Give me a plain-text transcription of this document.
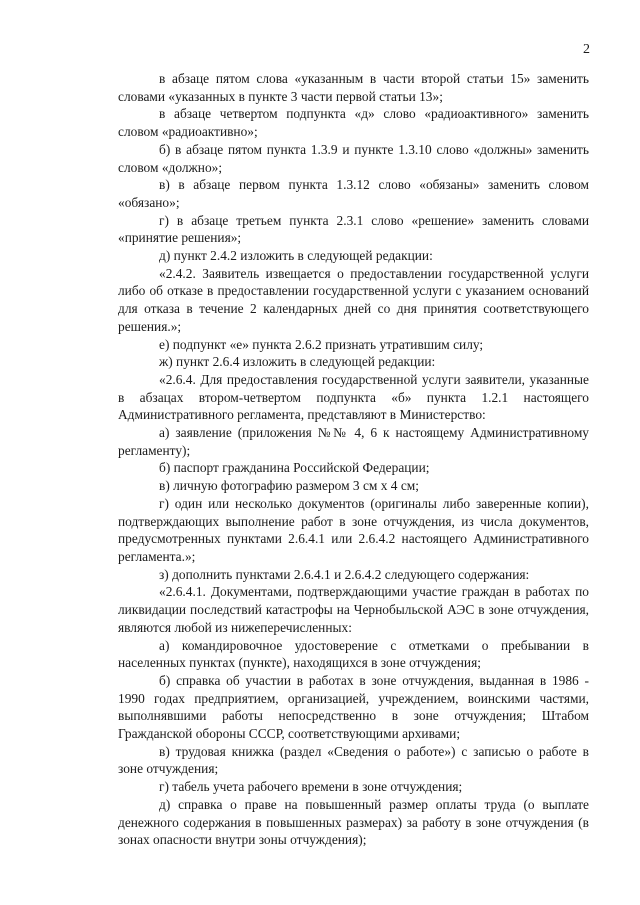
2

в абзаце пятом слова «указанным в части второй статьи 15» заменить словами «указанных в пункте 3 части первой статьи 13»;

в абзаце четвертом подпункта «д» слово «радиоактивного» заменить словом «радиоактивно»;

б) в абзаце пятом пункта 1.3.9 и пункте 1.3.10 слово «должны» заменить словом «должно»;

в) в абзаце первом пункта 1.3.12 слово «обязаны» заменить словом «обязано»;

г) в абзаце третьем пункта 2.3.1 слово «решение» заменить словами «принятие решения»;

д) пункт 2.4.2 изложить в следующей редакции:

«2.4.2. Заявитель извещается о предоставлении государственной услуги либо об отказе в предоставлении государственной услуги с указанием оснований для отказа в течение 2 календарных дней со дня принятия соответствующего решения.»;

е) подпункт «е» пункта 2.6.2 признать утратившим силу;

ж) пункт 2.6.4 изложить в следующей редакции:

«2.6.4. Для предоставления государственной услуги заявители, указанные в абзацах втором-четвертом подпункта «б» пункта 1.2.1 настоящего Административного регламента, представляют в Министерство:

а) заявление (приложения №№ 4, 6 к настоящему Административному регламенту);

б) паспорт гражданина Российской Федерации;

в) личную фотографию размером 3 см х 4 см;

г) один или несколько документов (оригиналы либо заверенные копии), подтверждающих выполнение работ в зоне отчуждения, из числа документов, предусмотренных пунктами 2.6.4.1 или 2.6.4.2 настоящего Административного регламента.»;

з) дополнить пунктами 2.6.4.1 и 2.6.4.2 следующего содержания:

«2.6.4.1. Документами, подтверждающими участие граждан в работах по ликвидации последствий катастрофы на Чернобыльской АЭС в зоне отчуждения, являются любой из нижеперечисленных:

а) командировочное удостоверение с отметками о пребывании в населенных пунктах (пункте), находящихся в зоне отчуждения;

б) справка об участии в работах в зоне отчуждения, выданная в 1986 - 1990 годах предприятием, организацией, учреждением, воинскими частями, выполнявшими работы непосредственно в зоне отчуждения; Штабом Гражданской обороны СССР, соответствующими архивами;

в) трудовая книжка (раздел «Сведения о работе») с записью о работе в зоне отчуждения;

г) табель учета рабочего времени в зоне отчуждения;

д) справка о праве на повышенный размер оплаты труда (о выплате денежного содержания в повышенных размерах) за работу в зоне отчуждения (в зонах опасности внутри зоны отчуждения);
